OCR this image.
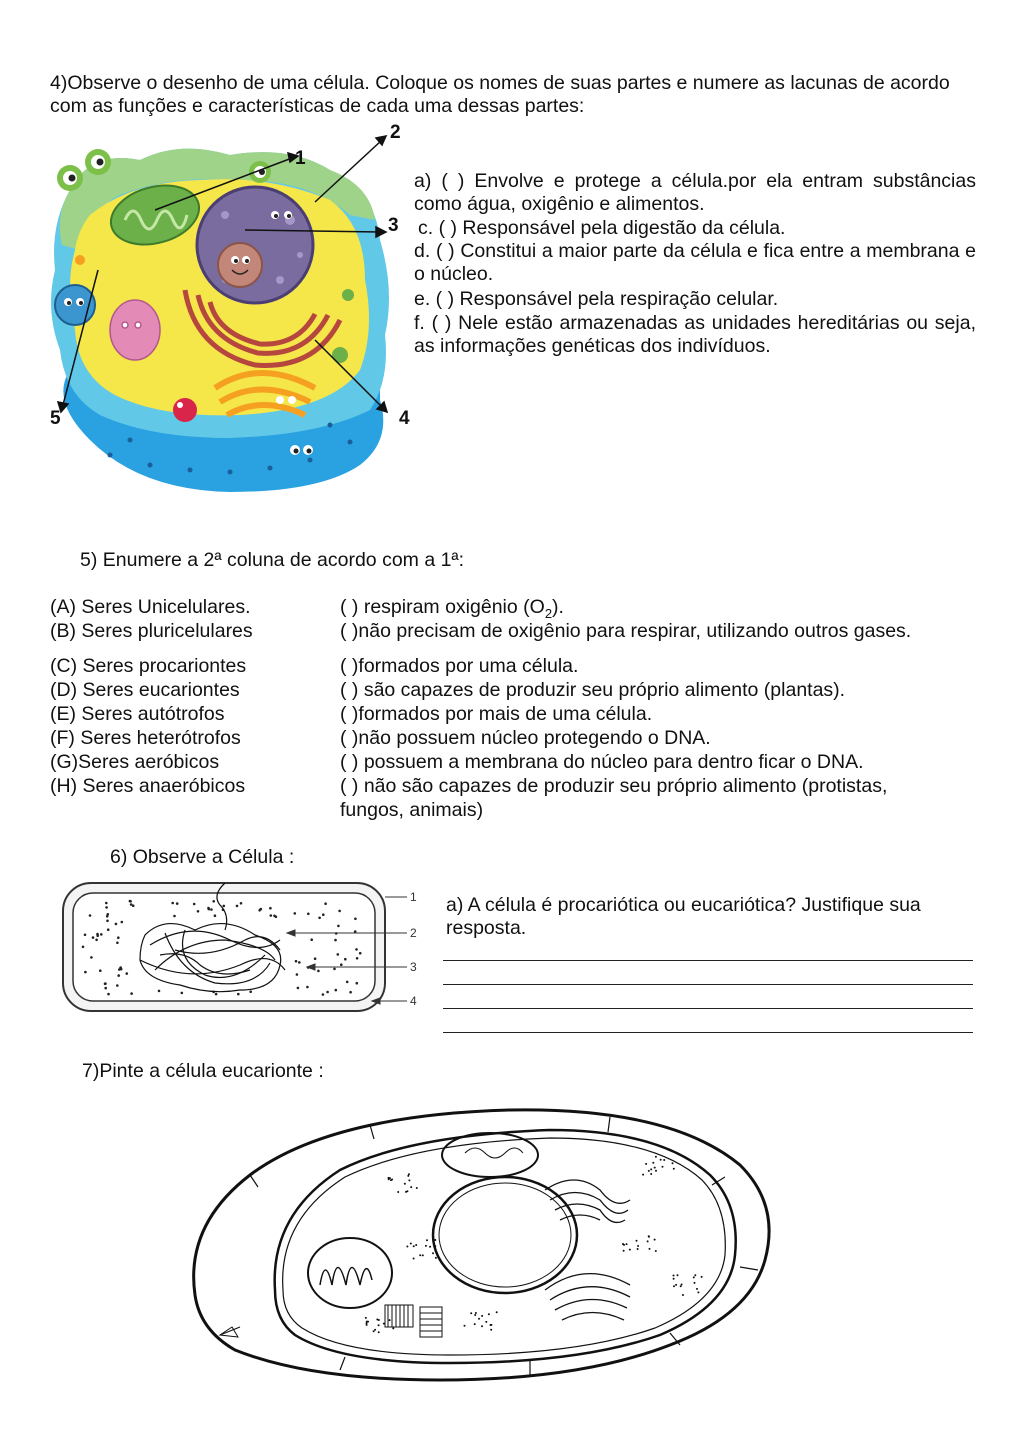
4)Observe o desenho de uma célula. Coloque os nomes de suas partes e numere as lacunas de acordo com as funções e características de cada uma dessas partes:
1
2
3
4
5
a) ( ) Envolve e protege a célula.por ela entram substâncias como água, oxigênio e alimentos.
c. ( ) Responsável pela digestão da célula.
d. ( ) Constitui a maior parte da célula e fica entre a membrana e o núcleo.
e. ( ) Responsável pela respiração celular.
f. ( ) Nele estão armazenadas as unidades hereditárias ou seja, as informações genéticas dos indivíduos.
5) Enumere a 2ª coluna de acordo com a 1ª:
(A) Seres Unicelulares.
(B) Seres pluricelulares
(C) Seres procariontes
(D) Seres eucariontes
(E) Seres autótrofos
(F) Seres heterótrofos
(G)Seres aeróbicos
(H) Seres anaeróbicos
( ) respiram oxigênio $(O_2)$.
( )não precisam de oxigênio para respirar, utilizando outros gases.
( )formados por uma célula.
( ) são capazes de produzir seu próprio alimento (plantas).
( )formados por mais de uma célula.
( )não possuem núcleo protegendo o DNA.
( ) possuem a membrana do núcleo para dentro ficar o DNA.
( ) não são capazes de produzir seu próprio alimento (protistas,
fungos, animais)
6) Observe a Célula :
1
2
3
4
a) A célula é procariótica ou eucariótica? Justifique sua resposta.
7)Pinte a célula eucarionte :
